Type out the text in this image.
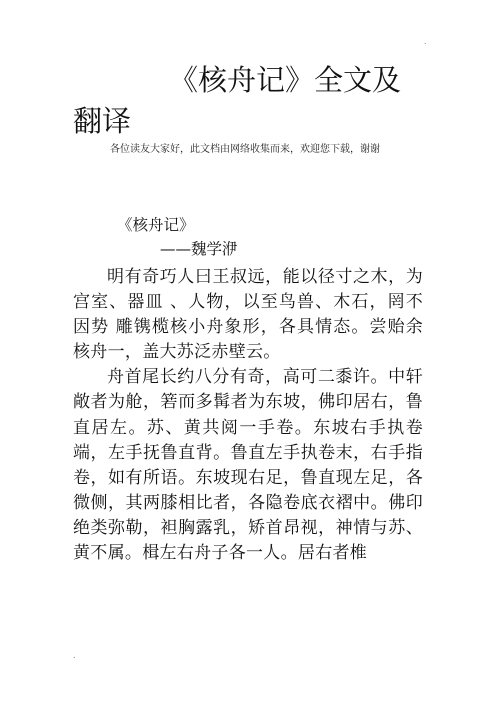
.
《核舟记》全文及翻译
各位读友大家好，此文档由网络收集而来，欢迎您下载，谢谢
《核舟记》
——魏学洢

明有奇巧人曰王叔远，能以径寸之木，为宫室、器皿 、人物，以至鸟兽、木石，罔不因势 雕镌榄核小舟象形，各具情态。尝贻余核舟一，盖大苏泛赤壁云。

舟首尾长约八分有奇，高可二黍许。中轩敞者为舱，箬而多髯者为东坡，佛印居右，鲁直居左。苏、黄共阅一手卷。东坡右手执卷端，左手抚鲁直背。鲁直左手执卷末，右手指卷，如有所语。东坡现右足，鲁直现左足，各微侧，其两膝相比者，各隐卷底衣褶中。佛印绝类弥勒，袒胸露乳，矫首昂视，神情与苏、黄不属。楫左右舟子各一人。居右者椎

.
